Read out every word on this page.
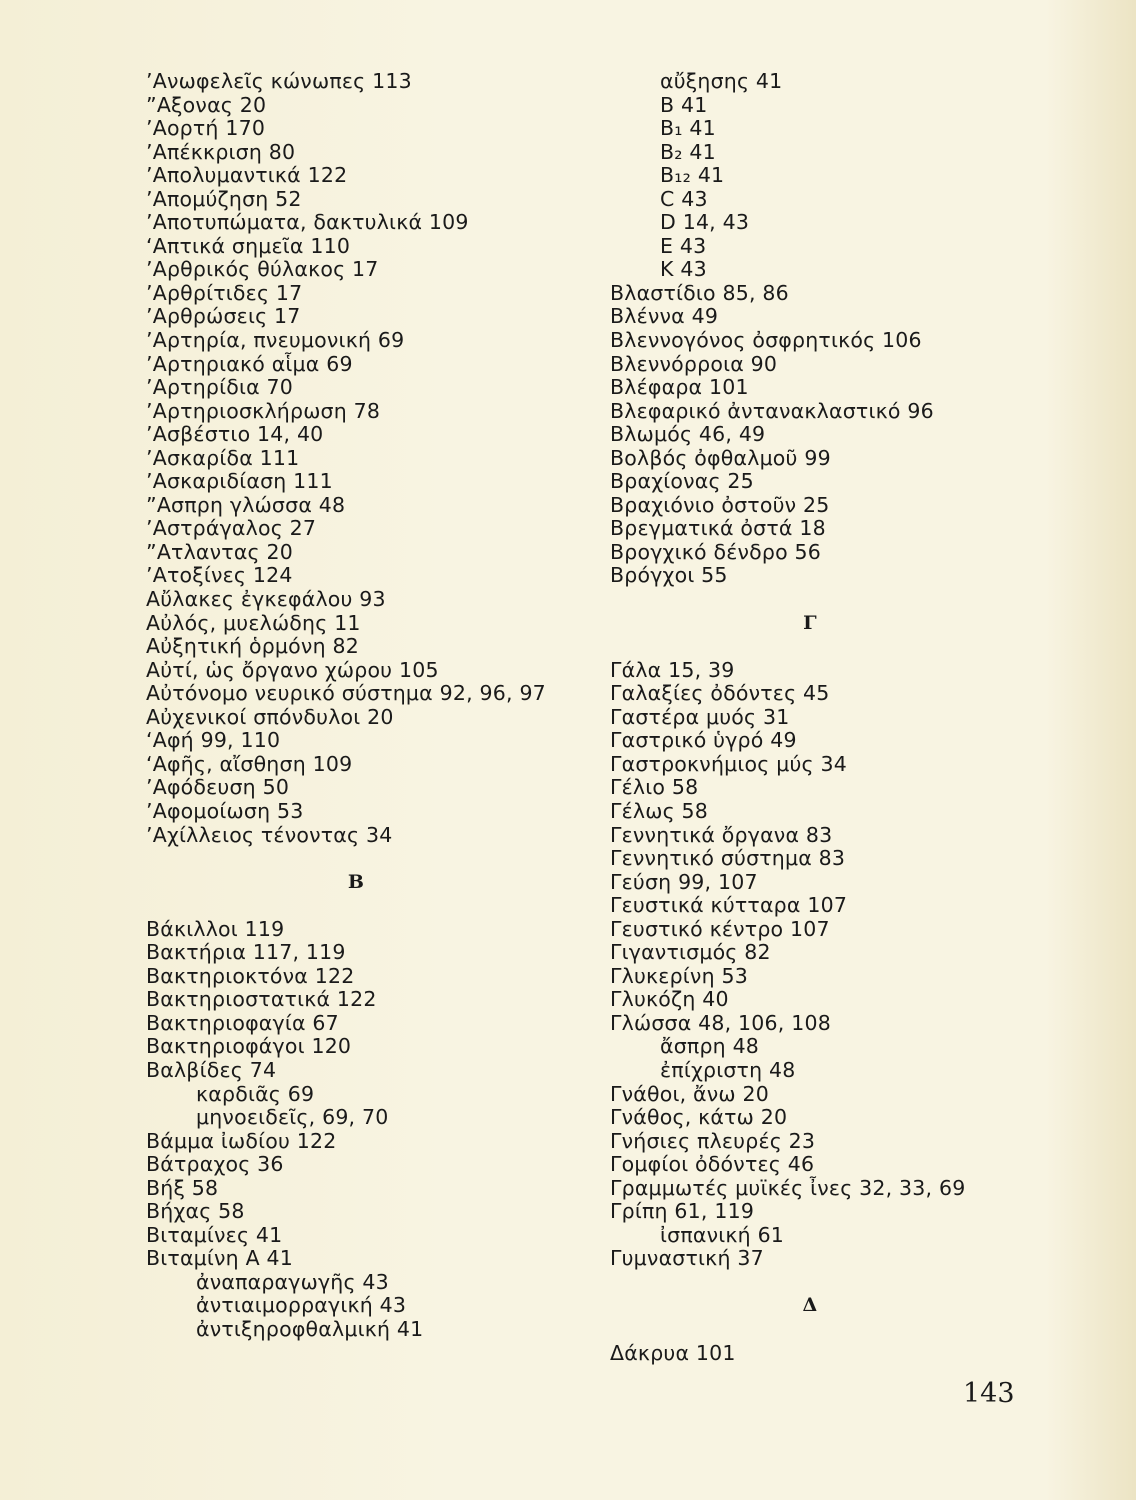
’Ανωφελεῖς κώνωπες 113
”Αξονας 20
’Αορτή 170
’Απέκκριση 80
’Απολυμαντικά 122
’Απομύζηση 52
’Αποτυπώματα, δακτυλικά 109
‘Απτικά σημεῖα 110
’Αρθρικός θύλακος 17
’Αρθρίτιδες 17
’Αρθρώσεις 17
’Αρτηρία, πνευμονική 69
’Αρτηριακό αἷμα 69
’Αρτηρίδια 70
’Αρτηριοσκλήρωση 78
’Ασβέστιο 14, 40
’Ασκαρίδα 111
’Ασκαριδίαση 111
”Ασπρη γλώσσα 48
’Αστράγαλος 27
”Ατλαντας 20
’Ατοξίνες 124
Αὔλακες ἐγκεφάλου 93
Αὐλός, μυελώδης 11
Αὐξητική ὁρμόνη 82
Αὐτί, ὡς ὄργανο χώρου 105
Αὐτόνομο νευρικό σύστημα 92, 96, 97
Αὐχενικοί σπόνδυλοι 20
‘Αφή 99, 110
‘Αφῆς, αἴσθηση 109
’Αφόδευση 50
’Αφομοίωση 53
’Αχίλλειος τένοντας 34
Β
Βάκιλλοι 119
Βακτήρια 117, 119
Βακτηριοκτόνα 122
Βακτηριοστατικά 122
Βακτηριοφαγία 67
Βακτηριοφάγοι 120
Βαλβίδες 74
καρδιᾶς 69
μηνοειδεῖς, 69, 70
Βάμμα ἰωδίου 122
Βάτραχος 36
Βήξ 58
Βήχας 58
Βιταμίνες 41
Βιταμίνη Α 41
ἀναπαραγωγῆς 43
ἀντιαιμορραγική 43
ἀντιξηροφθαλμική 41
αὔξησης 41
Β 41
Β₁ 41
Β₂ 41
Β₁₂ 41
C 43
D 14, 43
E 43
K 43
Βλαστίδιο 85, 86
Βλέννα 49
Βλεννογόνος ὀσφρητικός 106
Βλεννόρροια 90
Βλέφαρα 101
Βλεφαρικό ἀντανακλαστικό 96
Βλωμός 46, 49
Βολβός ὀφθαλμοῦ 99
Βραχίονας 25
Βραχιόνιο ὀστοῦν 25
Βρεγματικά ὀστά 18
Βρογχικό δένδρο 56
Βρόγχοι 55
Γ
Γάλα 15, 39
Γαλαξίες ὀδόντες 45
Γαστέρα μυός 31
Γαστρικό ὑγρό 49
Γαστροκνήμιος μύς 34
Γέλιο 58
Γέλως 58
Γεννητικά ὄργανα 83
Γεννητικό σύστημα 83
Γεύση 99, 107
Γευστικά κύτταρα 107
Γευστικό κέντρο 107
Γιγαντισμός 82
Γλυκερίνη 53
Γλυκόζη 40
Γλώσσα 48, 106, 108
ἄσπρη 48
ἐπίχριστη 48
Γνάθοι, ἄνω 20
Γνάθος, κάτω 20
Γνήσιες πλευρές 23
Γομφίοι ὀδόντες 46
Γραμμωτές μυϊκές ἶνες 32, 33, 69
Γρίπη 61, 119
ἰσπανική 61
Γυμναστική 37
Δ
Δάκρυα 101
143
